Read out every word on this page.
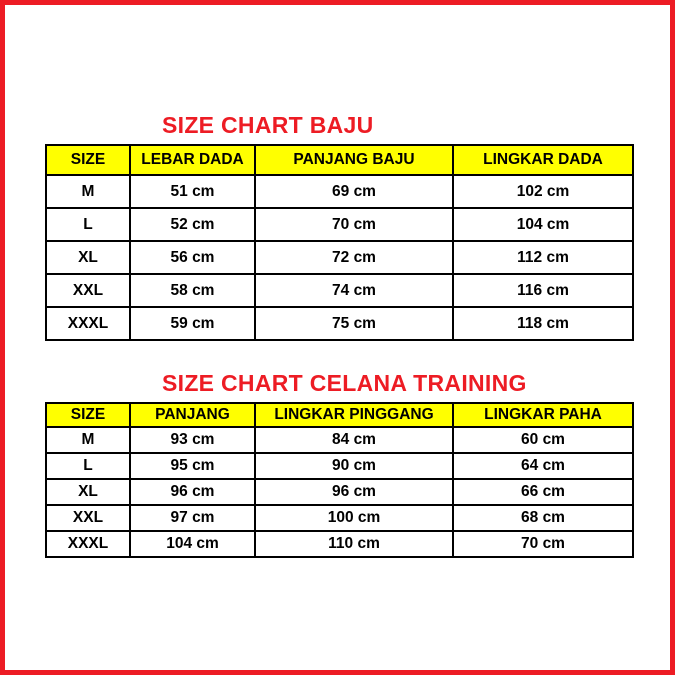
SIZE CHART BAJU
SIZE	LEBAR DADA	PANJANG BAJU	LINGKAR DADA
M	51 cm	69 cm	102 cm
L	52 cm	70 cm	104 cm
XL	56 cm	72 cm	112 cm
XXL	58 cm	74 cm	116 cm
XXXL	59 cm	75 cm	118 cm
SIZE CHART CELANA TRAINING
SIZE	PANJANG	LINGKAR PINGGANG	LINGKAR PAHA
M	93 cm	84 cm	60 cm
L	95 cm	90 cm	64 cm
XL	96 cm	96 cm	66 cm
XXL	97 cm	100 cm	68 cm
XXXL	104 cm	110 cm	70 cm
